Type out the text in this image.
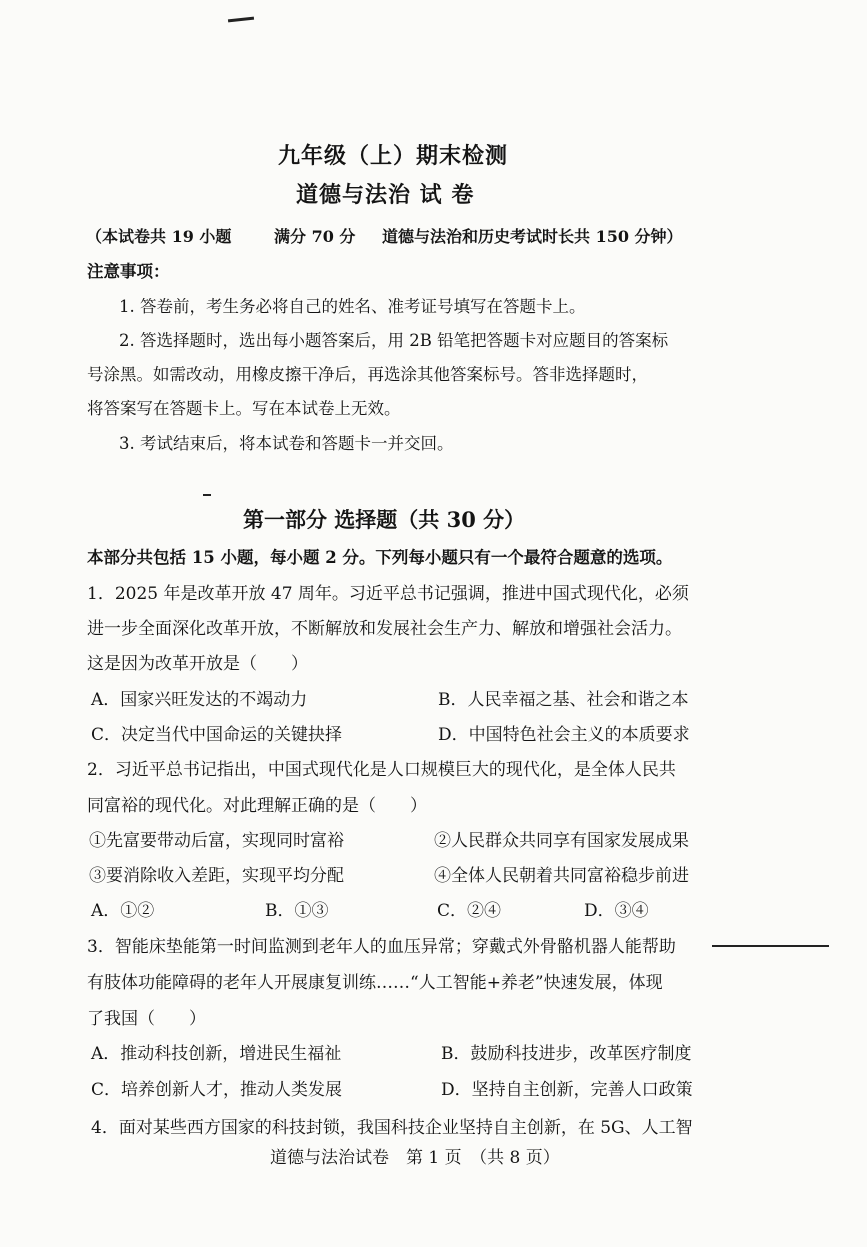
九年级（上）期末检测
道德与法治 试 卷
（本试卷共 19 小题	满分 70 分 道德与法治和历史考试时长共 150 分钟）
注意事项：
1. 答卷前，考生务必将自己的姓名、准考证号填写在答题卡上。
2. 答选择题时，选出每小题答案后，用 2B 铅笔把答题卡对应题目的答案标
号涂黑。如需改动，用橡皮擦干净后，再选涂其他答案标号。答非选择题时，
将答案写在答题卡上。写在本试卷上无效。
3. 考试结束后，将本试卷和答题卡一并交回。
第一部分 选择题（共 30 分）
本部分共包括 15 小题，每小题 2 分。下列每小题只有一个最符合题意的选项。
1．2025 年是改革开放 47 周年。习近平总书记强调，推进中国式现代化，必须
进一步全面深化改革开放，不断解放和发展社会生产力、解放和增强社会活力。
这是因为改革开放是（　　）
A．国家兴旺发达的不竭动力	B．人民幸福之基、社会和谐之本
C．决定当代中国命运的关键抉择	D．中国特色社会主义的本质要求
2．习近平总书记指出，中国式现代化是人口规模巨大的现代化，是全体人民共
同富裕的现代化。对此理解正确的是（　　）
①先富要带动后富，实现同时富裕	②人民群众共同享有国家发展成果
③要消除收入差距，实现平均分配	④全体人民朝着共同富裕稳步前进
A．①②	B．①③	C．②④	D．③④
3．智能床垫能第一时间监测到老年人的血压异常；穿戴式外骨骼机器人能帮助
有肢体功能障碍的老年人开展康复训练……“人工智能+养老”快速发展，体现
了我国（　　）
A．推动科技创新，增进民生福祉	B．鼓励科技进步，改革医疗制度
C．培养创新人才，推动人类发展	D．坚持自主创新，完善人口政策
4．面对某些西方国家的科技封锁，我国科技企业坚持自主创新，在 5G、人工智
道德与法治试卷　第 1 页　（共 8 页）
